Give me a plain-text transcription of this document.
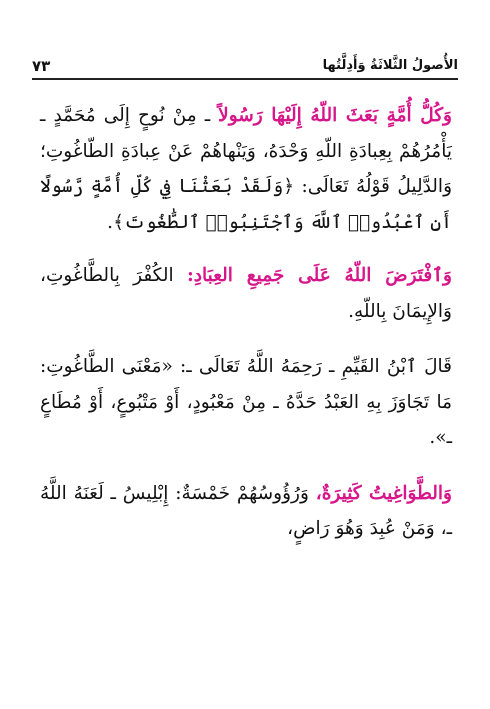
الأُصولُ الثَّلاثَةُ وَأَدِلَّتُها
٧٣

وَكُلُّ أُمَّةٍ بَعَثَ اللّهُ إِلَيْهَا رَسُولاً ـ مِنْ نُوحٍ إِلَى مُحَمَّدٍ ـ يَأْمُرُهُمْ بِعِبادَةِ اللّهِ وَحْدَهُ، وَيَنْهاهُمْ عَنْ عِبادَةِ الطّاغُوتِ؛ وَالدَّلِيلُ قَوْلُهُ تَعَالَى: ﴿وَلَقَدْ بَعَثْنَا فِي كُلِّ أُمَّةٍ رَّسُولًا أَنِ ٱعْبُدُوا۟ ٱللَّهَ وَٱجْتَنِبُوا۟ ٱلطَّٰغُوتَ﴾.

وَٱفْتَرَضَ اللّهُ عَلَى جَمِيعِ العِبَادِ: الكُفْرَ بِالطَّاغُوتِ، وَالإِيمَانَ بِاللّهِ.

قَالَ ٱبْنُ القَيِّمِ ـ رَحِمَهُ اللَّهُ تَعَالَى ـ: «مَعْنَى الطَّاغُوتِ: مَا تَجَاوَزَ بِهِ العَبْدُ حَدَّهُ ـ مِنْ مَعْبُودٍ، أَوْ مَتْبُوعٍ، أَوْ مُطَاعٍ ـ».

وَالطَّوَاغِيتُ كَثِيرَةٌ، وَرُؤُوسُهُمْ خَمْسَةٌ: إِبْلِيسُ ـ لَعَنَهُ اللَّهُ ـ، وَمَنْ عُبِدَ وَهُوَ رَاضٍ،
